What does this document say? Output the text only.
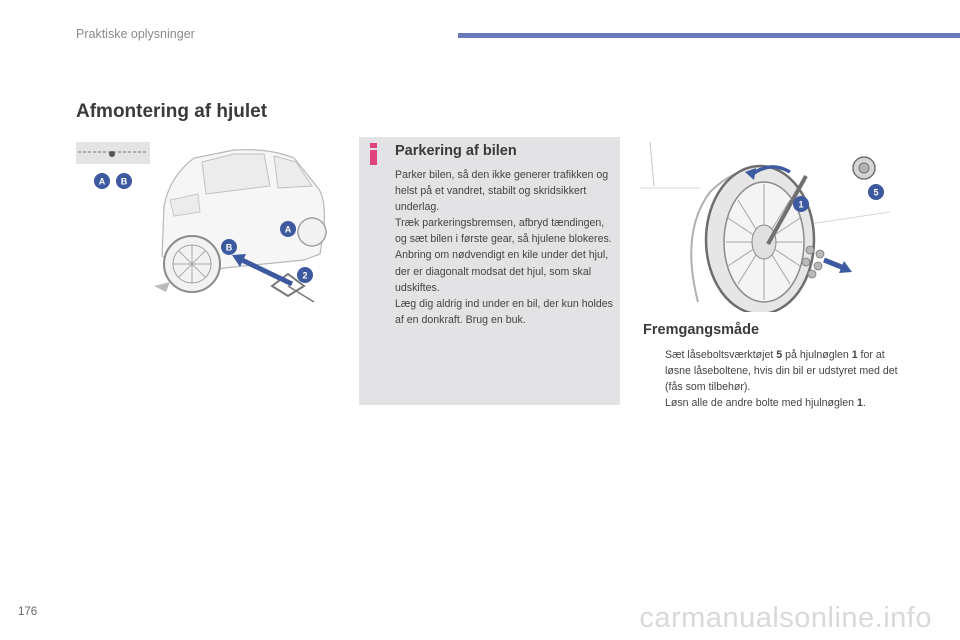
Praktiske oplysninger
Afmontering af hjulet
A B
A
B
2
Parkering af bilen

Parker bilen, så den ikke generer trafikken og helst på et vandret, stabilt og skridsikkert underlag.

Træk parkeringsbremsen, afbryd tændingen, og sæt bilen i første gear, så hjulene blokeres.

Anbring om nødvendigt en kile under det hjul, der er diagonalt modsat det hjul, som skal udskiftes.

Læg dig aldrig ind under en bil, der kun holdes af en donkraft. Brug en buk.

1
5
Fremgangsmåde
Sæt låseboltsværktøjet 5 på hjulnøglen 1 for at løsne låseboltene, hvis din bil er udstyret med det (fås som tilbehør).
Løsn alle de andre bolte med hjulnøglen 1.
176	carmanualsonline.info
